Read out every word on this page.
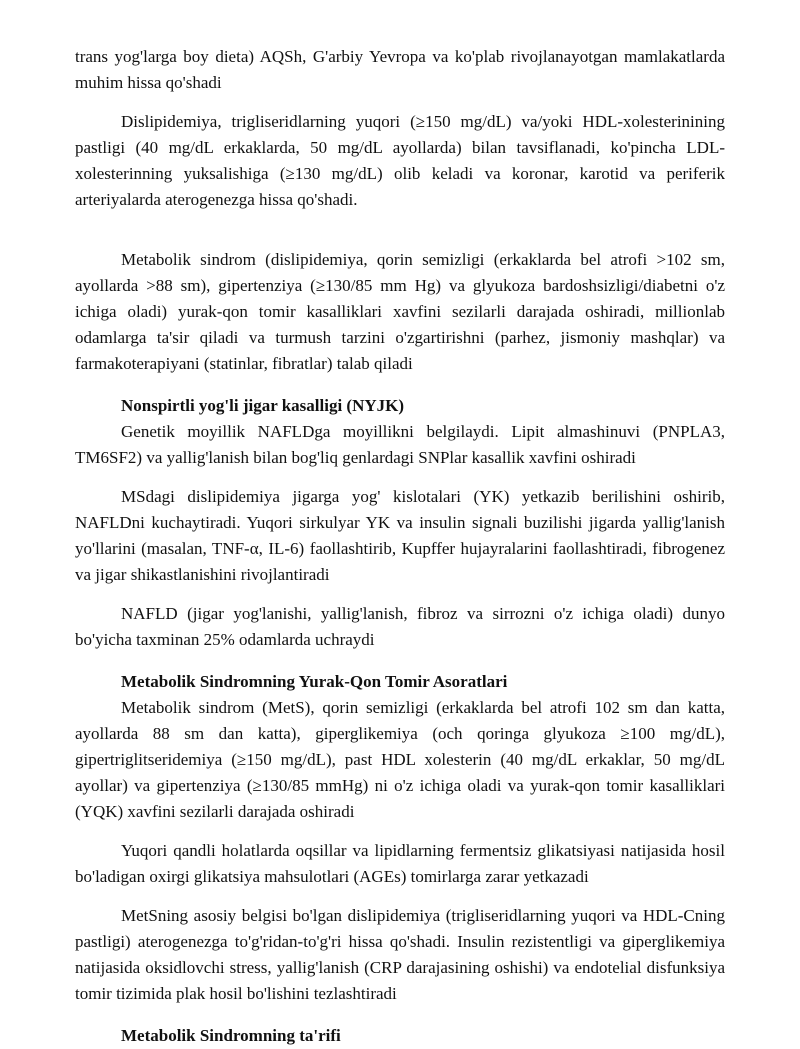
trans yog'larga boy dieta) AQSh, G'arbiy Yevropa va ko'plab rivojlanayotgan mamlakatlarda muhim hissa qo'shadi

Dislipidemiya, trigliseridlarning yuqori (≥150 mg/dL) va/yoki HDL-xolesterinining pastligi (40 mg/dL erkaklarda, 50 mg/dL ayollarda) bilan tavsiflanadi, ko'pincha LDL-xolesterinning yuksalishiga (≥130 mg/dL) olib keladi va koronar, karotid va periferik arteriyalarda aterogenezga hissa qo'shadi.

Metabolik sindrom (dislipidemiya, qorin semizligi (erkaklarda bel atrofi >102 sm, ayollarda >88 sm), gipertenziya (≥130/85 mm Hg) va glyukoza bardoshsizligi/diabetni o'z ichiga oladi) yurak-qon tomir kasalliklari xavfini sezilarli darajada oshiradi, millionlab odamlarga ta'sir qiladi va turmush tarzini o'zgartirishni (parhez, jismoniy mashqlar) va farmakoterapiyani (statinlar, fibratlar) talab qiladi

Nonspirtli yog'li jigar kasalligi (NYJK)

Genetik moyillik NAFLDga moyillikni belgilaydi. Lipit almashinuvi (PNPLA3, TM6SF2) va yallig'lanish bilan bog'liq genlardagi SNPlar kasallik xavfini oshiradi

MSdagi dislipidemiya jigarga yog' kislotalari (YK) yetkazib berilishini oshirib, NAFLDni kuchaytiradi. Yuqori sirkulyar YK va insulin signali buzilishi jigarda yallig'lanish yo'llarini (masalan, TNF-α, IL-6) faollashtirib, Kupffer hujayralarini faollashtiradi, fibrogenez va jigar shikastlanishini rivojlantiradi

NAFLD (jigar yog'lanishi, yallig'lanish, fibroz va sirrozni o'z ichiga oladi) dunyo bo'yicha taxminan 25% odamlarda uchraydi

Metabolik Sindromning Yurak-Qon Tomir Asoratlari

Metabolik sindrom (MetS), qorin semizligi (erkaklarda bel atrofi 102 sm dan katta, ayollarda 88 sm dan katta), giperglikemiya (och qoringa glyukoza ≥100 mg/dL), gipertriglitseridemiya (≥150 mg/dL), past HDL xolesterin (40 mg/dL erkaklar, 50 mg/dL ayollar) va gipertenziya (≥130/85 mmHg) ni o'z ichiga oladi va yurak-qon tomir kasalliklari (YQK) xavfini sezilarli darajada oshiradi

Yuqori qandli holatlarda oqsillar va lipidlarning fermentsiz glikatsiyasi natijasida hosil bo'ladigan oxirgi glikatsiya mahsulotlari (AGEs) tomirlarga zarar yetkazadi

MetSning asosiy belgisi bo'lgan dislipidemiya (trigliseridlarning yuqori va HDL-Cning pastligi) aterogenezga to'g'ridan-to'g'ri hissa qo'shadi. Insulin rezistentligi va giperglikemiya natijasida oksidlovchi stress, yallig'lanish (CRP darajasining oshishi) va endotelial disfunksiya tomir tizimida plak hosil bo'lishini tezlashtiradi

Metabolik Sindromning ta'rifi
